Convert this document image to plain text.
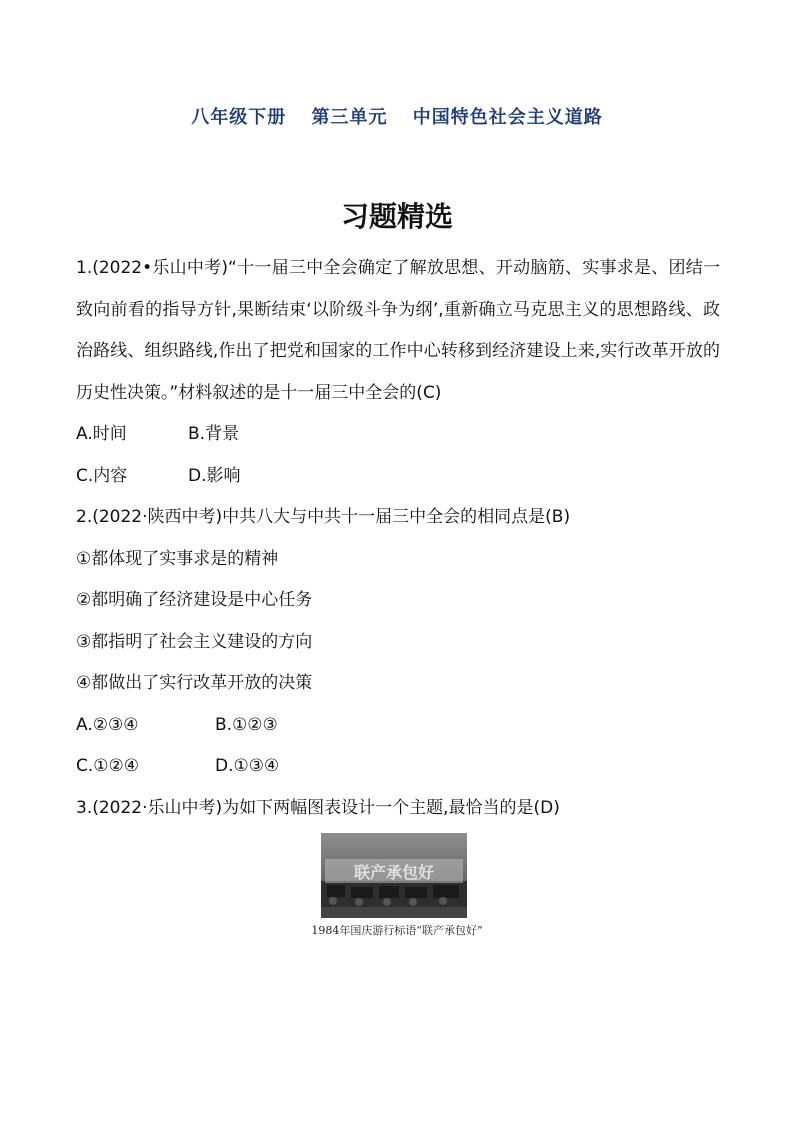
八年级下册 第三单元 中国特色社会主义道路
习题精选

1.(2022•乐山中考)“十一届三中全会确定了解放思想、开动脑筋、实事求是、团结一致向前看的指导方针,果断结束‘以阶级斗争为纲’,重新确立马克思主义的思想路线、政治路线、组织路线,作出了把党和国家的工作中心转移到经济建设上来,实行改革开放的历史性决策。”材料叙述的是十一届三中全会的(C)

A.时间	B.背景
C.内容	D.影响

2.(2022·陕西中考)中共八大与中共十一届三中全会的相同点是(B)

①都体现了实事求是的精神

②都明确了经济建设是中心任务

③都指明了社会主义建设的方向

④都做出了实行改革开放的决策

A.②③④	B.①②③
C.①②④	D.①③④

3.(2022·乐山中考)为如下两幅图表设计一个主题,最恰当的是(D)

联产承包好
1984年国庆游行标语“联产承包好”
